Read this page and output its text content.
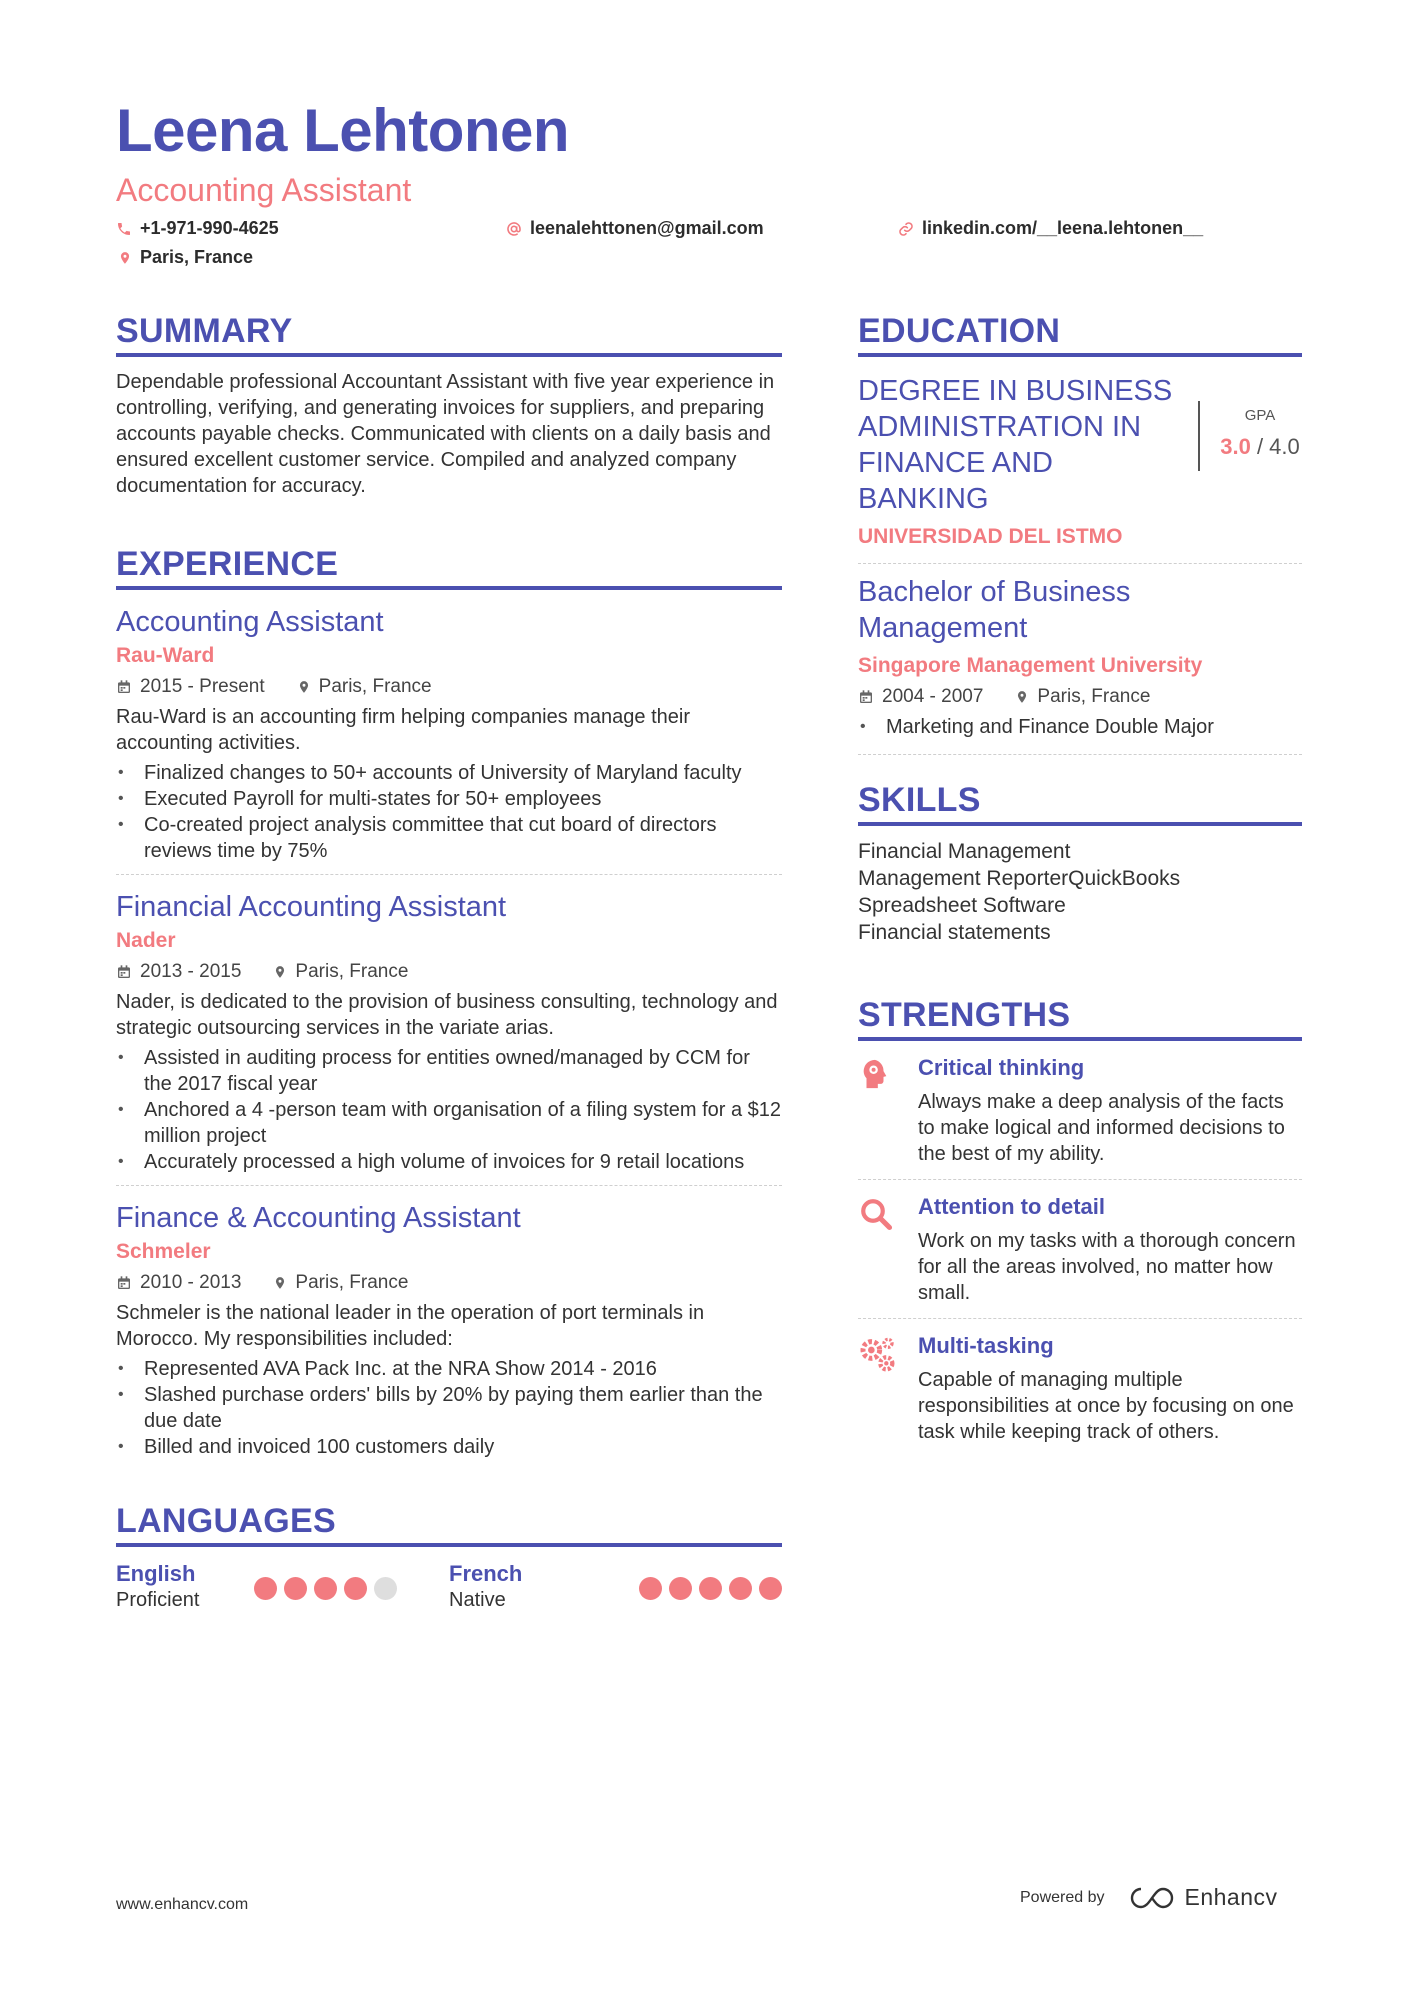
Leena Lehtonen
Accounting Assistant
+1-971-990-4625	leenalehttonen@gmail.com	linkedin.com/__leena.lehtonen__
Paris, France
SUMMARY

Dependable professional Accountant Assistant with five year experience in controlling, verifying, and generating invoices for suppliers, and preparing accounts payable checks. Communicated with clients on a daily basis and ensured excellent customer service. Compiled and analyzed company documentation for accuracy.

EXPERIENCE
Accounting Assistant
Rau-Ward
2015 - Present	Paris, France

Rau-Ward is an accounting firm helping companies manage their accounting activities.

• Finalized changes to 50+ accounts of University of Maryland faculty
• Executed Payroll for multi-states for 50+ employees
• Co-created project analysis committee that cut board of directors reviews time by 75%
Financial Accounting Assistant
Nader
2013 - 2015	Paris, France

Nader, is dedicated to the provision of business consulting, technology and strategic outsourcing services in the variate arias.

• Assisted in auditing process for entities owned/managed by CCM for the 2017 fiscal year
• Anchored a 4 -person team with organisation of a filing system for a $12 million project
• Accurately processed a high volume of invoices for 9 retail locations
Finance & Accounting Assistant
Schmeler
2010 - 2013	Paris, France

Schmeler is the national leader in the operation of port terminals in Morocco. My responsibilities included:

• Represented AVA Pack Inc. at the NRA Show 2014 - 2016
• Slashed purchase orders' bills by 20% by paying them earlier than the due date
• Billed and invoiced 100 customers daily
LANGUAGES
English
Proficient
French
Native
EDUCATION
DEGREE IN BUSINESS ADMINISTRATION IN FINANCE AND BANKING
UNIVERSIDAD DEL ISTMO
GPA
3.0 / 4.0
Bachelor of Business Management
Singapore Management University
2004 - 2007	Paris, France
• Marketing and Finance Double Major
SKILLS
Financial Management
Management ReporterQuickBooks
Spreadsheet Software
Financial statements
STRENGTHS
Critical thinking
Always make a deep analysis of the facts to make logical and informed decisions to the best of my ability.
Attention to detail
Work on my tasks with a thorough concern for all the areas involved, no matter how small.
Multi-tasking
Capable of managing multiple responsibilities at once by focusing on one task while keeping track of others.
www.enhancv.com	Powered by	Enhancv
